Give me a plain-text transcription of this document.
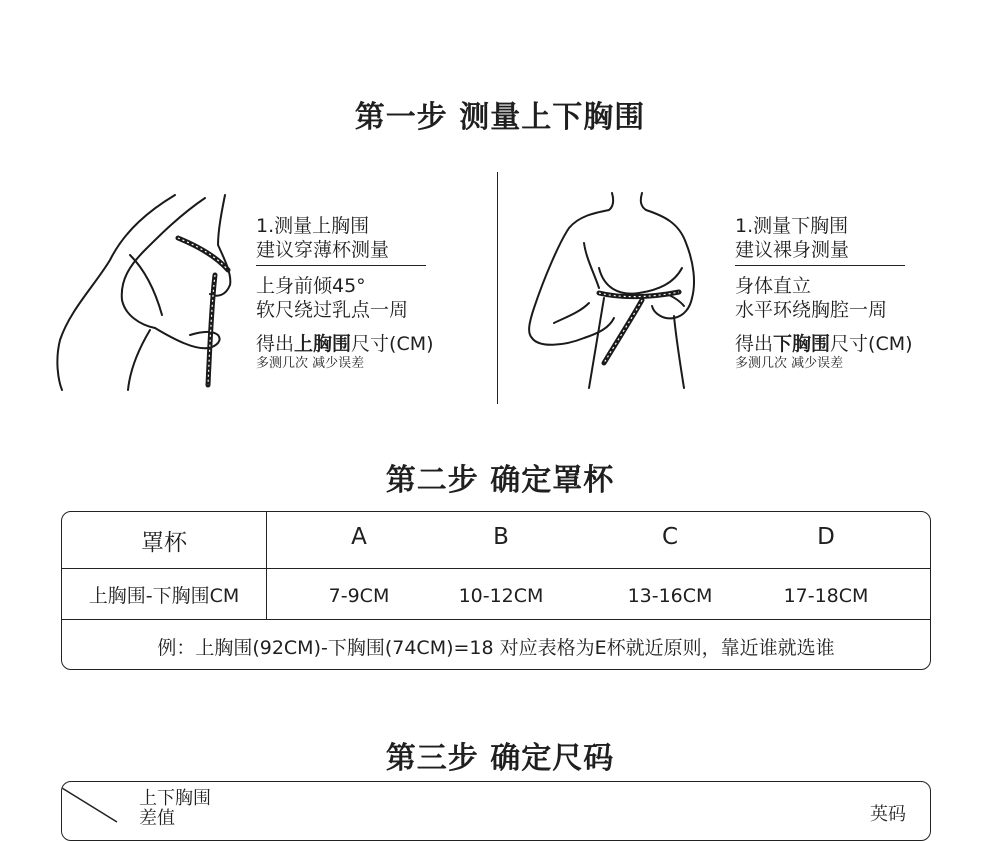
第一步 测量上下胸围
1.测量上胸围
建议穿薄杯测量
上身前倾45°
软尺绕过乳点一周
得出上胸围尺寸(CM)
多测几次 减少误差
1.测量下胸围
建议裸身测量
身体直立
水平环绕胸腔一周
得出下胸围尺寸(CM)
多测几次 减少误差
第二步 确定罩杯
罩杯	A	B	C	D
上胸围-下胸围CM	7-9CM	10-12CM	13-16CM	17-18CM
例：上胸围(92CM)-下胸围(74CM)=18 对应表格为E杯就近原则，靠近谁就选谁
第三步 确定尺码
上下胸围
差值	英码
